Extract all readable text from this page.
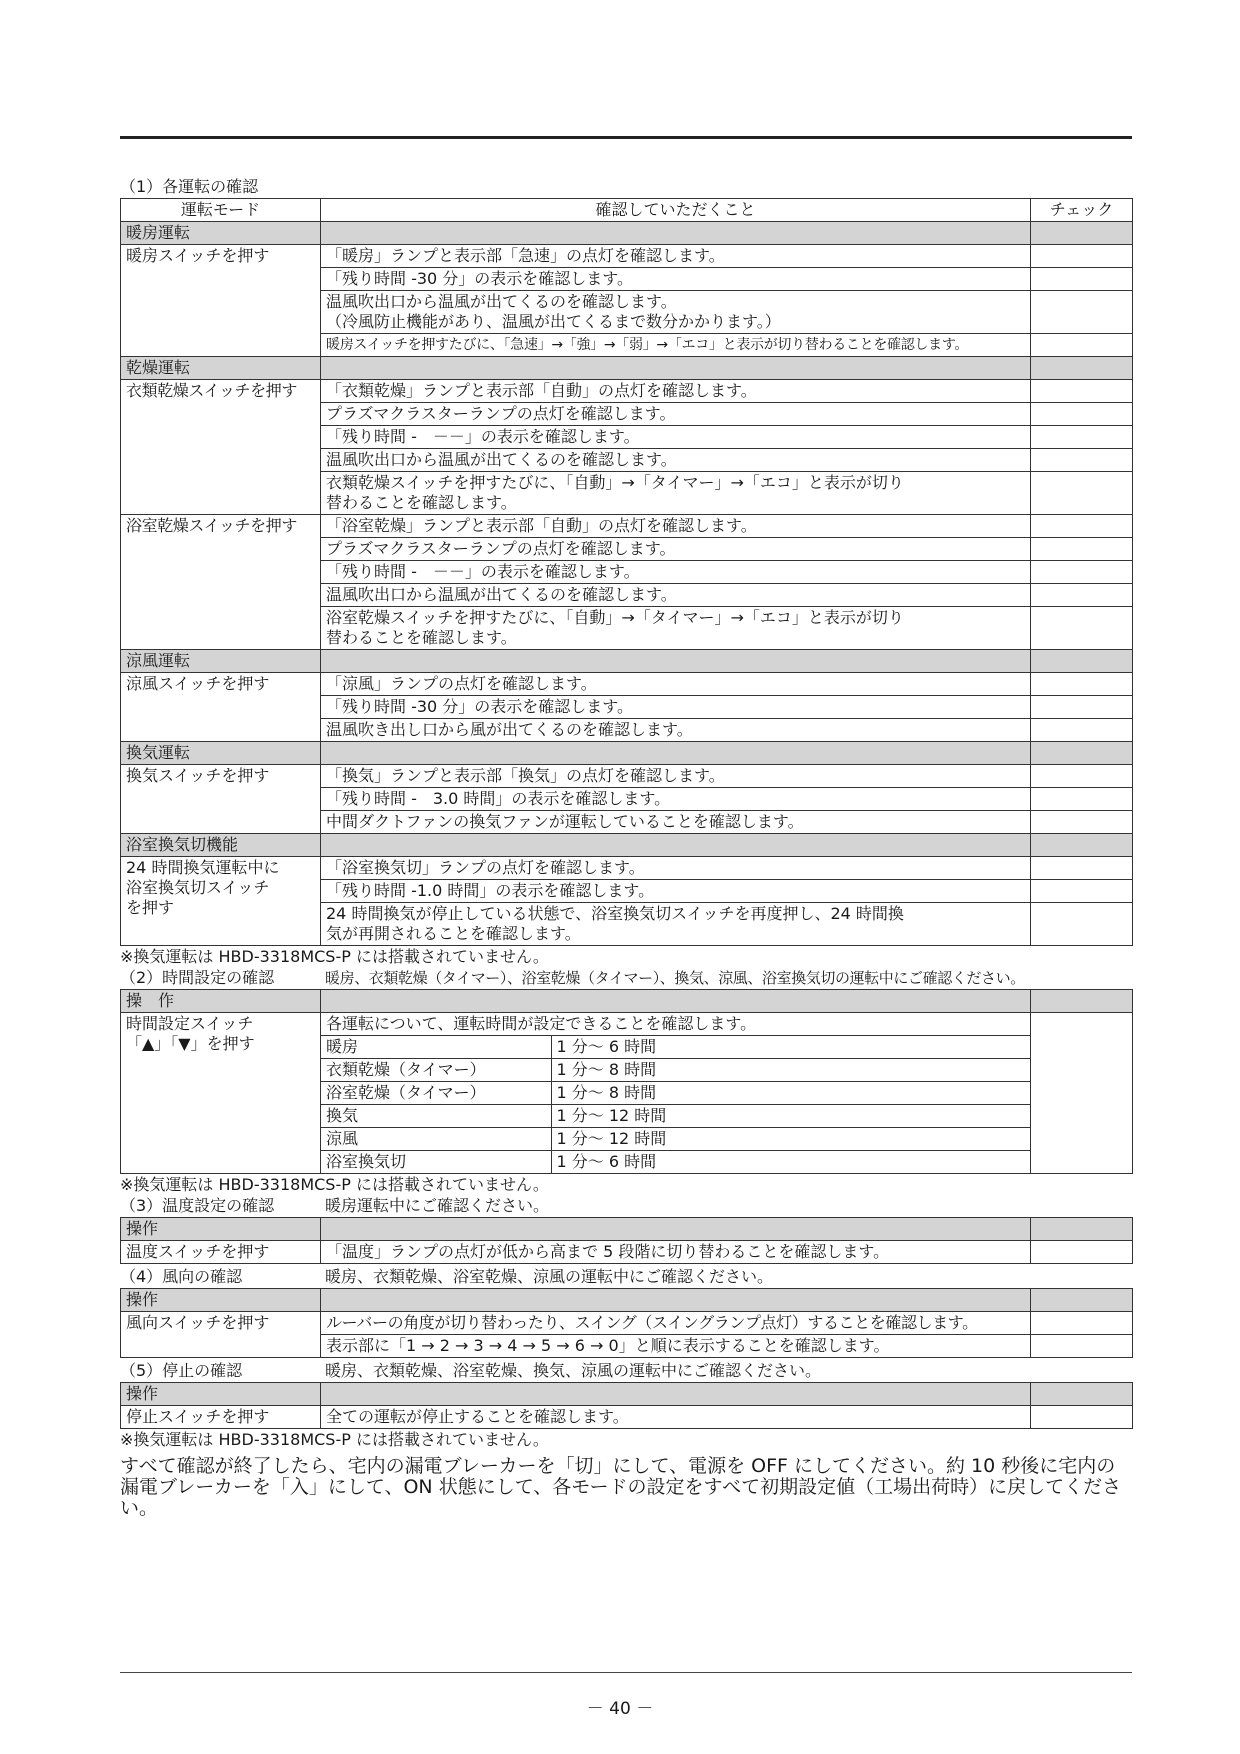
（1）各運転の確認
運転モード	確認していただくこと	チェック
暖房運転		
暖房スイッチを押す	「暖房」ランプと表示部「急速」の点灯を確認します。	
	「残り時間 -30 分」の表示を確認します。	
	温風吹出口から温風が出てくるのを確認します。
（冷風防止機能があり、温風が出てくるまで数分かかります。）	
	暖房スイッチを押すたびに、「急速」→「強」→「弱」→「エコ」と表示が切り替わることを確認します。	
乾燥運転		
衣類乾燥スイッチを押す	「衣類乾燥」ランプと表示部「自動」の点灯を確認します。	
	プラズマクラスターランプの点灯を確認します。	
	「残り時間 -　－－」の表示を確認します。	
	温風吹出口から温風が出てくるのを確認します。	
	衣類乾燥スイッチを押すたびに、「自動」→「タイマー」→「エコ」と表示が切り
替わることを確認します。	
浴室乾燥スイッチを押す	「浴室乾燥」ランプと表示部「自動」の点灯を確認します。	
	プラズマクラスターランプの点灯を確認します。	
	「残り時間 -　－－」の表示を確認します。	
	温風吹出口から温風が出てくるのを確認します。	
	浴室乾燥スイッチを押すたびに、「自動」→「タイマー」→「エコ」と表示が切り
替わることを確認します。	
涼風運転		
涼風スイッチを押す	「涼風」ランプの点灯を確認します。	
	「残り時間 -30 分」の表示を確認します。	
	温風吹き出し口から風が出てくるのを確認します。	
換気運転		
換気スイッチを押す	「換気」ランプと表示部「換気」の点灯を確認します。	
	「残り時間 -　3.0 時間」の表示を確認します。	
	中間ダクトファンの換気ファンが運転していることを確認します。	
浴室換気切機能		
24 時間換気運転中に
浴室換気切スイッチ
を押す	「浴室換気切」ランプの点灯を確認します。	
	「残り時間 -1.0 時間」の表示を確認します。	
	24 時間換気が停止している状態で、浴室換気切スイッチを再度押し、24 時間換
気が再開されることを確認します。	
※換気運転は HBD-3318MCS-P には搭載されていません。
（2）時間設定の確認	暖房、衣類乾燥（タイマー）、浴室乾燥（タイマー）、換気、涼風、浴室換気切の運転中にご確認ください。
操　作		
時間設定スイッチ
「▲」「▼」を押す	各運転について、運転時間が設定できることを確認します。	

暖房	1 分～ 6 時間
衣類乾燥（タイマー）	1 分～ 8 時間
浴室乾燥（タイマー）	1 分～ 8 時間
換気	1 分～ 12 時間
涼風	1 分～ 12 時間
浴室換気切	1 分～ 6 時間
※換気運転は HBD-3318MCS-P には搭載されていません。
（3）温度設定の確認	暖房運転中にご確認ください。
操作		
温度スイッチを押す	「温度」ランプの点灯が低から高まで 5 段階に切り替わることを確認します。	
（4）風向の確認	暖房、衣類乾燥、浴室乾燥、涼風の運転中にご確認ください。
操作		
風向スイッチを押す	ルーバーの角度が切り替わったり、スイング（スイングランプ点灯）することを確認します。	
	表示部に「1 → 2 → 3 → 4 → 5 → 6 → 0」と順に表示することを確認します。	
（5）停止の確認	暖房、衣類乾燥、浴室乾燥、換気、涼風の運転中にご確認ください。
操作		
停止スイッチを押す	全ての運転が停止することを確認します。	
※換気運転は HBD-3318MCS-P には搭載されていません。
すべて確認が終了したら、宅内の漏電ブレーカーを「切」にして、電源を OFF にしてください。約 10 秒後に宅内の漏電ブレーカーを「入」にして、ON 状態にして、各モードの設定をすべて初期設定値（工場出荷時）に戻してください。
－ 40 －
